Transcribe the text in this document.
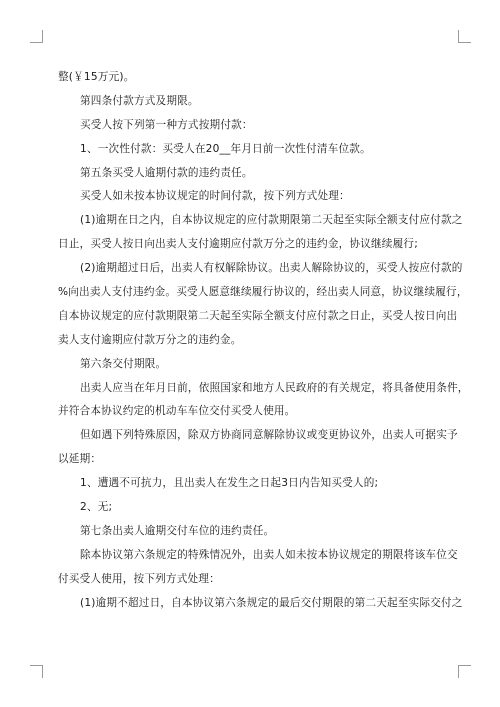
整(￥15万元)。
第四条付款方式及期限。
买受人按下列第一种方式按期付款：
1、一次性付款：买受人在20__年月日前一次性付清车位款。
第五条买受人逾期付款的违约责任。
买受人如未按本协议规定的时间付款，按下列方式处理：
(1)逾期在日之内，自本协议规定的应付款期限第二天起至实际全额支付应付款之
日止，买受人按日向出卖人支付逾期应付款万分之的违约金，协议继续履行;
(2)逾期超过日后，出卖人有权解除协议。出卖人解除协议的，买受人按应付款的
%向出卖人支付违约金。买受人愿意继续履行协议的，经出卖人同意，协议继续履行，
自本协议规定的应付款期限第二天起至实际全额支付应付款之日止，买受人按日向出
卖人支付逾期应付款万分之的违约金。
第六条交付期限。
出卖人应当在年月日前，依照国家和地方人民政府的有关规定，将具备使用条件，
并符合本协议约定的机动车车位交付买受人使用。
但如遇下列特殊原因，除双方协商同意解除协议或变更协议外，出卖人可据实予
以延期：
1、遭遇不可抗力，且出卖人在发生之日起3日内告知买受人的;
2、无;
第七条出卖人逾期交付车位的违约责任。
除本协议第六条规定的特殊情况外，出卖人如未按本协议规定的期限将该车位交
付买受人使用，按下列方式处理：
(1)逾期不超过日，自本协议第六条规定的最后交付期限的第二天起至实际交付之
